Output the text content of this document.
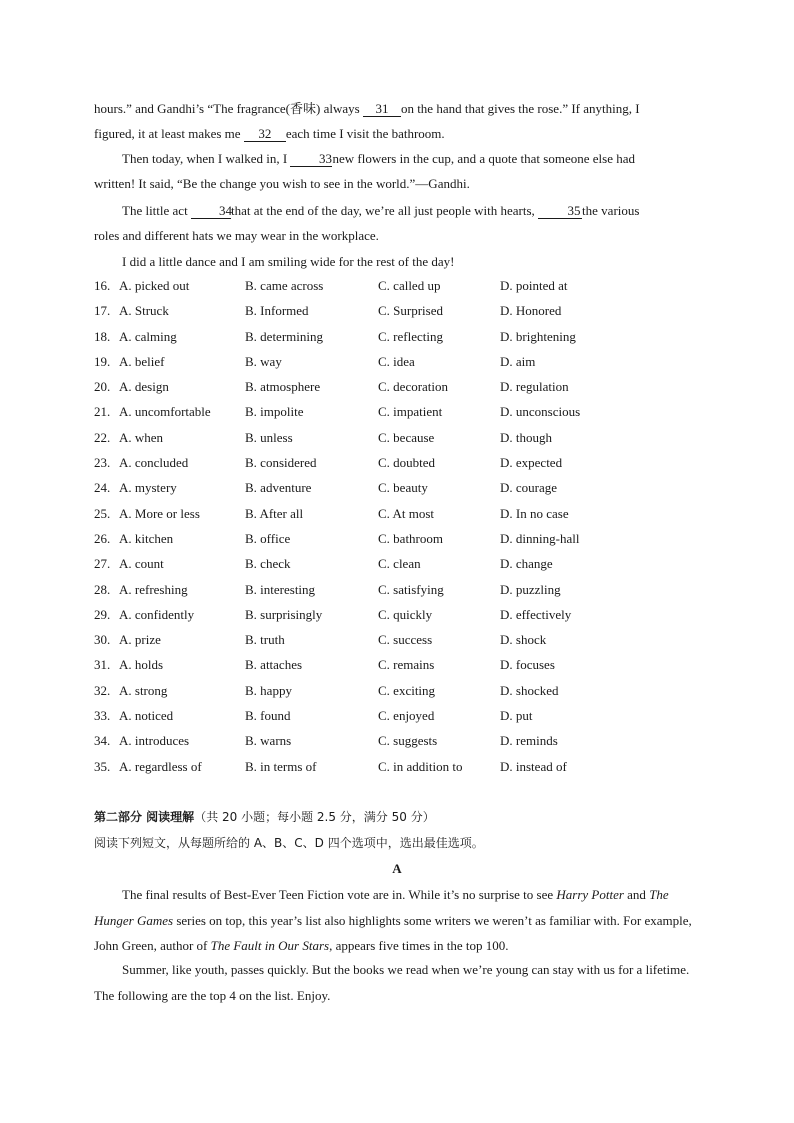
hours.” and Gandhi’s “The fragrance(香味) always 31 on the hand that gives the rose.” If anything, I
figured, it at least makes me 32 each time I visit the bathroom.
Then today, when I walked in, I 33new flowers in the cup, and a quote that someone else had
written! It said, “Be the change you wish to see in the world.”—Gandhi.
The little act 34that at the end of the day, we’re all just people with hearts, 35 the various
roles and different hats we may wear in the workplace.
I did a little dance and I am smiling wide for the rest of the day!
16. A. picked out	B. came across	C. called up	D. pointed at
17. A. Struck	B. Informed	C. Surprised	D. Honored
18. A. calming	B. determining	C. reflecting	D. brightening
19. A. belief	B. way	C. idea	D. aim
20. A. design	B. atmosphere	C. decoration	D. regulation
21. A. uncomfortable	B. impolite	C. impatient	D. unconscious
22. A. when	B. unless	C. because	D. though
23. A. concluded	B. considered	C. doubted	D. expected
24. A. mystery	B. adventure	C. beauty	D. courage
25. A. More or less	B. After all	C. At most	D. In no case
26. A. kitchen	B. office	C. bathroom	D. dinning-hall
27. A. count	B. check	C. clean	D. change
28. A. refreshing	B. interesting	C. satisfying	D. puzzling
29. A. confidently	B. surprisingly	C. quickly	D. effectively
30. A. prize	B. truth	C. success	D. shock
31. A. holds	B. attaches	C. remains	D. focuses
32. A. strong	B. happy	C. exciting	D. shocked
33. A. noticed	B. found	C. enjoyed	D. put
34. A. introduces	B. warns	C. suggests	D. reminds
35. A. regardless of	B. in terms of	C. in addition to	D. instead of
第二部分 阅读理解（共 20 小题；每小题 2.5 分，满分 50 分）
阅读下列短文，从每题所给的 A、B、C、D 四个选项中，选出最佳选项。
A
The final results of Best-Ever Teen Fiction vote are in. While it’s no surprise to see Harry Potter and The Hunger Games series on top, this year’s list also highlights some writers we weren’t as familiar with. For example, John Green, author of The Fault in Our Stars, appears five times in the top 100.
Summer, like youth, passes quickly. But the books we read when we’re young can stay with us for a lifetime. The following are the top 4 on the list. Enjoy.
